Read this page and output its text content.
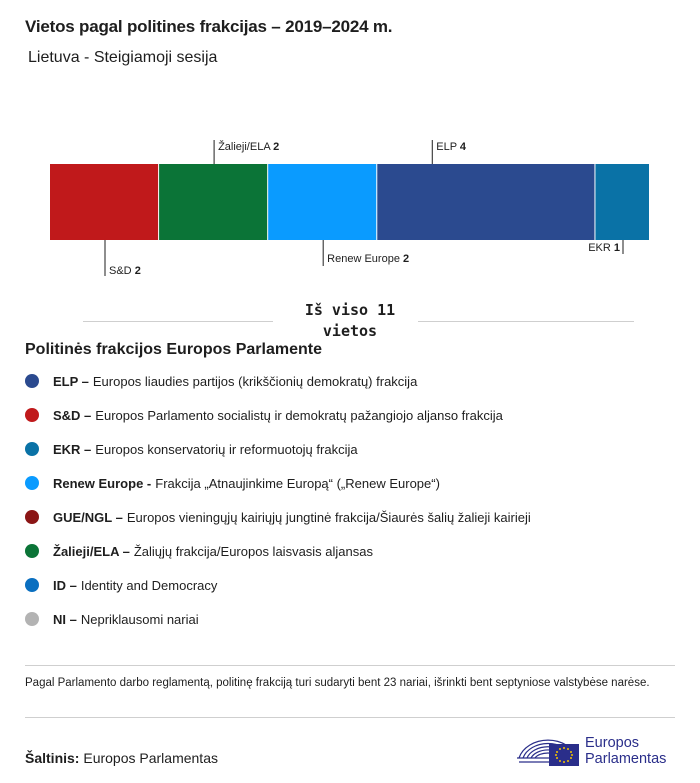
Vietos pagal politines frakcijas – 2019–2024 m.
Lietuva - Steigiamoji sesija
S&D 2
Žalieji/ELA 2
Renew Europe 2
ELP 4
EKR 1
Iš viso 11
vietos
Politinės frakcijos Europos Parlamente
ELP – Europos liaudies partijos (krikščionių demokratų) frakcija
S&D – Europos Parlamento socialistų ir demokratų pažangiojo aljanso frakcija
EKR – Europos konservatorių ir reformuotojų frakcija
Renew Europe - Frakcija „Atnaujinkime Europą“ („Renew Europe“)
GUE/NGL – Europos vieningųjų kairiųjų jungtinė frakcija/Šiaurės šalių žalieji kairieji
Žalieji/ELA – Žaliųjų frakcija/Europos laisvasis aljansas
ID – Identity and Democracy
NI – Nepriklausomi nariai
Pagal Parlamento darbo reglamentą, politinę frakciją turi sudaryti bent 23 nariai, išrinkti bent septyniose valstybėse narėse.
Šaltinis: Europos Parlamentas
Europos
Parlamentas
